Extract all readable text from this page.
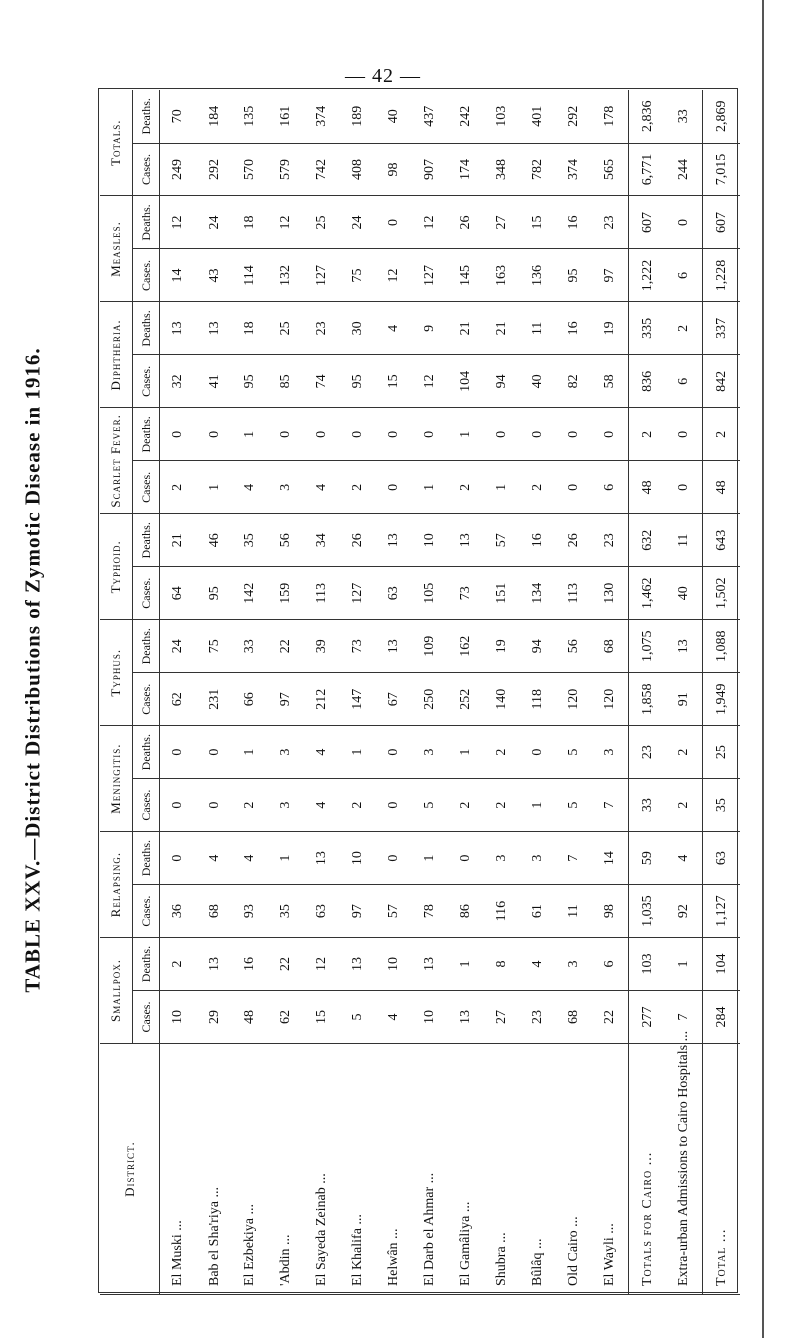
— 42 —
TABLE XXV.—District Distributions of Zymotic Disease in 1916.
District.	Smallpox.		Relapsing.		Meningitis.		Typhus.		Typhoid.		Scarlet Fever.		Diphtheria.		Measles.		Totals.	
	Cases.	Deaths.	Cases.	Deaths.	Cases.	Deaths.	Cases.	Deaths.	Cases.	Deaths.	Cases.	Deaths.	Cases.	Deaths.	Cases.	Deaths.	Cases.	Deaths.
El Muski ...	10	2	36	0	0	0	62	24	64	21	2	0	32	13	14	12	249	70
Bab el Sha'riya ...	29	13	68	4	0	0	231	75	95	46	1	0	41	13	43	24	292	184
El Ezbekiya ...	48	16	93	4	2	1	66	33	142	35	4	1	95	18	114	18	570	135
'Abdin ...	62	22	35	1	3	3	97	22	159	56	3	0	85	25	132	12	579	161
El Sayeda Zeinab ...	15	12	63	13	4	4	212	39	113	34	4	0	74	23	127	25	742	374
El Khalifa ...	5	13	97	10	2	1	147	73	127	26	2	0	95	30	75	24	408	189
Helwân ...	4	10	57	0	0	0	67	13	63	13	0	0	15	4	12	0	98	40
El Darb el Ahmar ...	10	13	78	1	5	3	250	109	105	10	1	0	12	9	127	12	907	437
El Gamâliya ...	13	1	86	0	2	1	252	162	73	13	2	1	104	21	145	26	174	242
Shubra ...	27	8	116	3	2	2	140	19	151	57	1	0	94	21	163	27	348	103
Bûlâq ...	23	4	61	3	1	0	118	94	134	16	2	0	40	11	136	15	782	401
Old Cairo ...	68	3	11	7	5	5	120	56	113	26	0	0	82	16	95	16	374	292
El Wayli ...	22	6	98	14	7	3	120	68	130	23	6	0	58	19	97	23	565	178
Totals for Cairo ...	277	103	1,035	59	33	23	1,858	1,075	1,462	632	48	2	836	335	1,222	607	6,771	2,836
Extra-urban Admissions to Cairo Hospitals ...	7	1	92	4	2	2	91	13	40	11	0	0	6	2	6	0	244	33
Total ...	284	104	1,127	63	35	25	1,949	1,088	1,502	643	48	2	842	337	1,228	607	7,015	2,869
